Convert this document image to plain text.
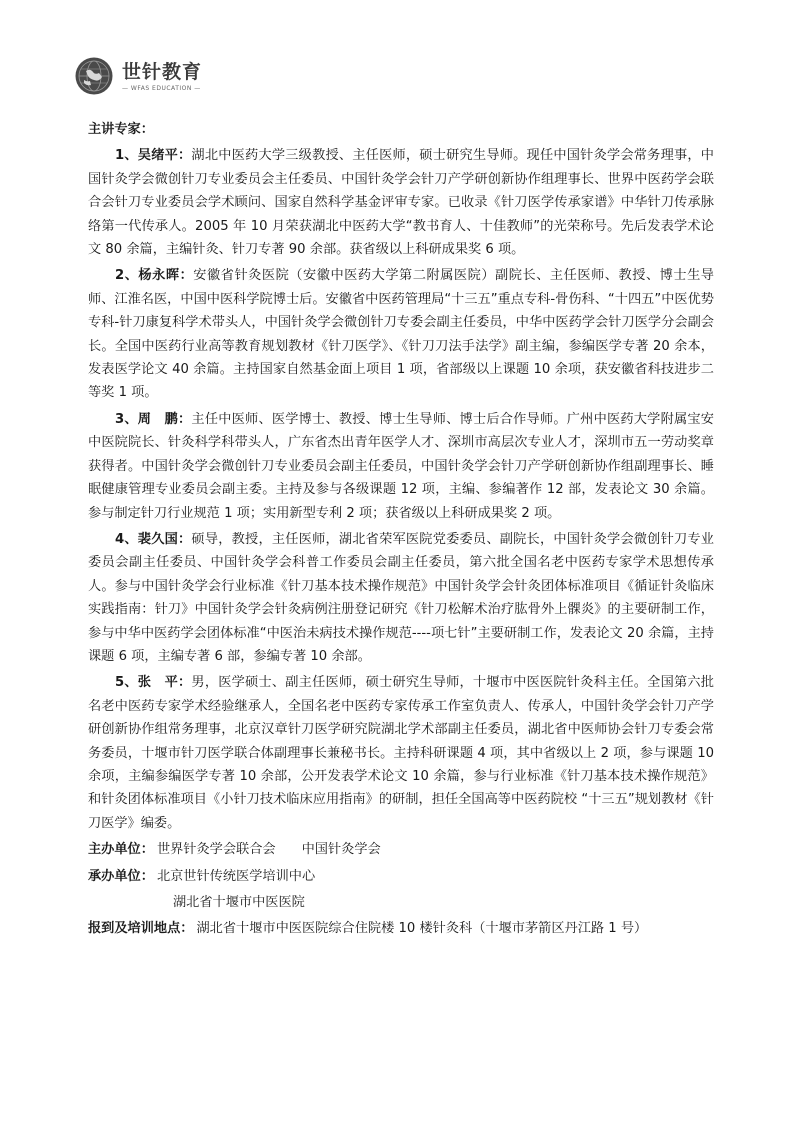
世针教育
— WFAS EDUCATION —

主讲专家：

1、吴绪平：湖北中医药大学三级教授、主任医师，硕士研究生导师。现任中国针灸学会常务理事，中国针灸学会微创针刀专业委员会主任委员、中国针灸学会针刀产学研创新协作组理事长、世界中医药学会联合会针刀专业委员会学术顾问、国家自然科学基金评审专家。已收录《针刀医学传承家谱》中华针刀传承脉络第一代传承人。2005 年 10 月荣获湖北中医药大学“教书育人、十佳教师”的光荣称号。先后发表学术论文 80 余篇，主编针灸、针刀专著 90 余部。获省级以上科研成果奖 6 项。

2、杨永晖：安徽省针灸医院（安徽中医药大学第二附属医院）副院长、主任医师、教授、博士生导师、江淮名医，中国中医科学院博士后。安徽省中医药管理局“十三五”重点专科-骨伤科、“十四五”中医优势专科-针刀康复科学术带头人，中国针灸学会微创针刀专委会副主任委员，中华中医药学会针刀医学分会副会长。全国中医药行业高等教育规划教材《针刀医学》、《针刀刀法手法学》副主编，参编医学专著 20 余本，发表医学论文 40 余篇。主持国家自然基金面上项目 1 项，省部级以上课题 10 余项，获安徽省科技进步二等奖 1 项。

3、周　鹏：主任中医师、医学博士、教授、博士生导师、博士后合作导师。广州中医药大学附属宝安中医院院长、针灸科学科带头人，广东省杰出青年医学人才、深圳市高层次专业人才，深圳市五一劳动奖章获得者。中国针灸学会微创针刀专业委员会副主任委员，中国针灸学会针刀产学研创新协作组副理事长、睡眠健康管理专业委员会副主委。主持及参与各级课题 12 项，主编、参编著作 12 部，发表论文 30 余篇。参与制定针刀行业规范 1 项；实用新型专利 2 项；获省级以上科研成果奖 2 项。

4、裴久国：硕导，教授，主任医师，湖北省荣军医院党委委员、副院长，中国针灸学会微创针刀专业委员会副主任委员、中国针灸学会科普工作委员会副主任委员，第六批全国名老中医药专家学术思想传承人。参与中国针灸学会行业标准《针刀基本技术操作规范》中国针灸学会针灸团体标准项目《循证针灸临床实践指南：针刀》中国针灸学会针灸病例注册登记研究《针刀松解术治疗肱骨外上髁炎》的主要研制工作，参与中华中医药学会团体标准“中医治未病技术操作规范----项七针”主要研制工作，发表论文 20 余篇，主持课题 6 项，主编专著 6 部，参编专著 10 余部。

5、张　平：男，医学硕士、副主任医师，硕士研究生导师，十堰市中医医院针灸科主任。全国第六批名老中医药专家学术经验继承人，全国名老中医药专家传承工作室负责人、传承人，中国针灸学会针刀产学研创新协作组常务理事，北京汉章针刀医学研究院湖北学术部副主任委员，湖北省中医师协会针刀专委会常务委员，十堰市针刀医学联合体副理事长兼秘书长。主持科研课题 4 项，其中省级以上 2 项，参与课题 10 余项，主编参编医学专著 10 余部，公开发表学术论文 10 余篇，参与行业标准《针刀基本技术操作规范》和针灸团体标准项目《小针刀技术临床应用指南》的研制，担任全国高等中医药院校 “十三五”规划教材《针刀医学》编委。

主办单位： 世界针灸学会联合会 中国针灸学会

承办单位： 北京世针传统医学培训中心

湖北省十堰市中医医院

报到及培训地点： 湖北省十堰市中医医院综合住院楼 10 楼针灸科（十堰市茅箭区丹江路 1 号）
